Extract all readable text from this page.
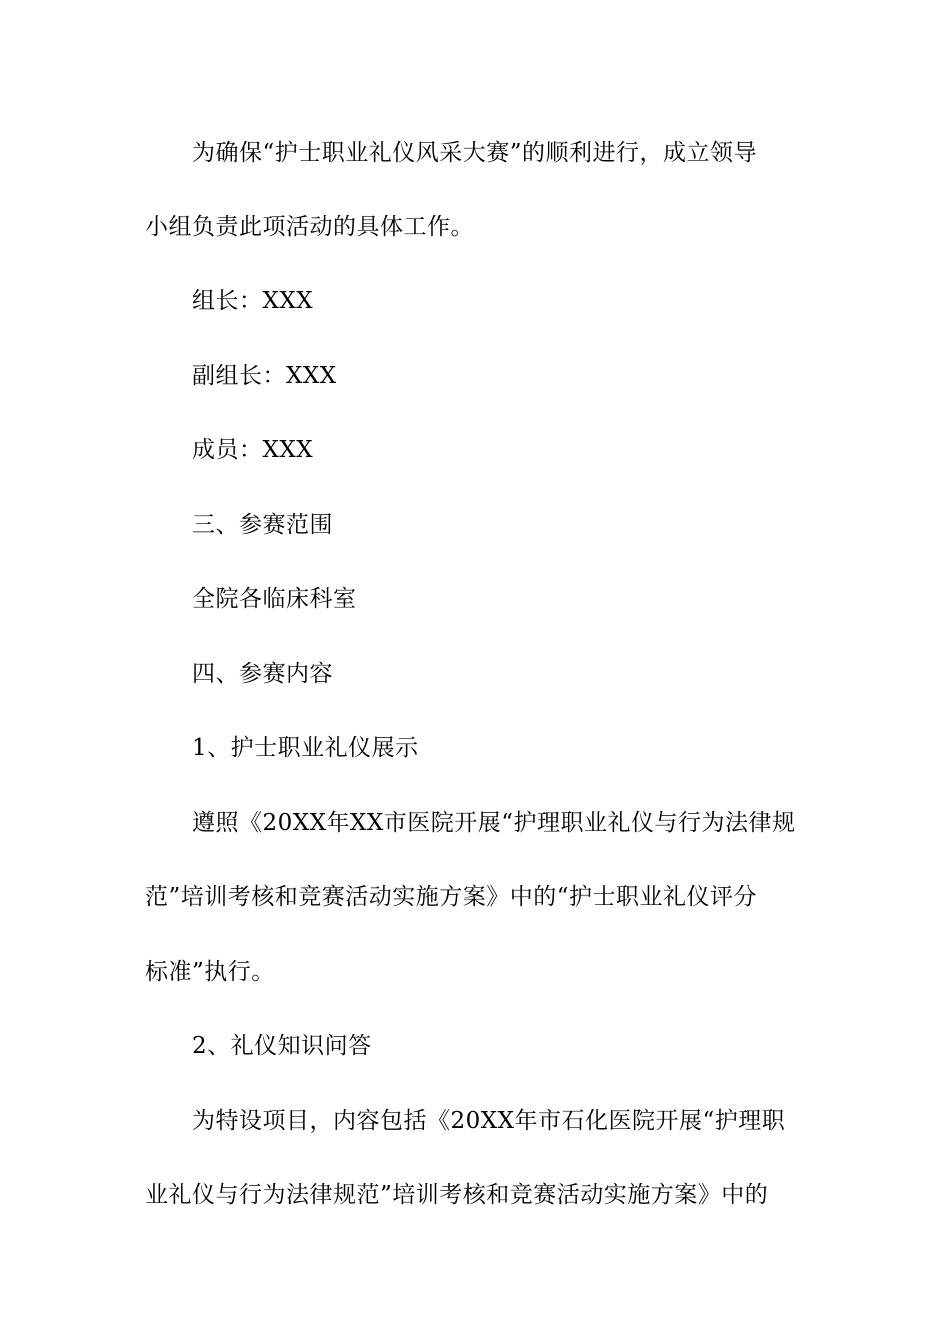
为确保“护士职业礼仪风采大赛”的顺利进行，成立领导
小组负责此项活动的具体工作。
组长：XXX
副组长：XXX
成员：XXX
三、参赛范围
全院各临床科室
四、参赛内容
1、护士职业礼仪展示
遵照《20XX年XX市医院开展“护理职业礼仪与行为法律规
范”培训考核和竞赛活动实施方案》中的“护士职业礼仪评分
标准”执行。
2、礼仪知识问答
为特设项目，内容包括《20XX年市石化医院开展“护理职
业礼仪与行为法律规范”培训考核和竞赛活动实施方案》中的
